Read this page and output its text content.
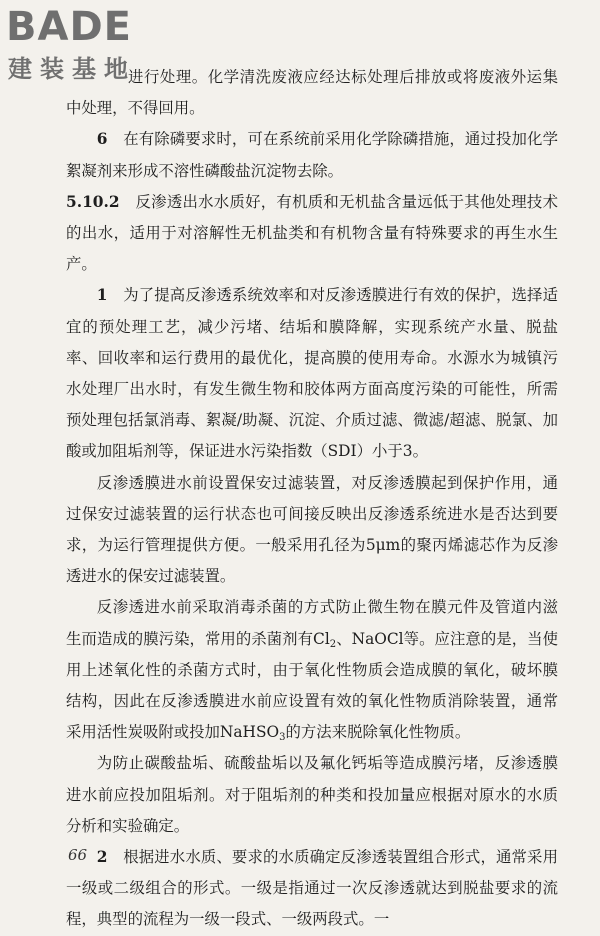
BADE
建装基地

进行处理。化学清洗废液应经达标处理后排放或将废液外运集中处理，不得回用。

6　 在有除磷要求时，可在系统前采用化学除磷措施，通过投加化学絮凝剂来形成不溶性磷酸盐沉淀物去除。

5.10.2　 反渗透出水水质好，有机质和无机盐含量远低于其他处理技术的出水，适用于对溶解性无机盐类和有机物含量有特殊要求的再生水生产。

1　 为了提高反渗透系统效率和对反渗透膜进行有效的保护，选择适宜的预处理工艺，减少污堵、结垢和膜降解，实现系统产水量、脱盐率、回收率和运行费用的最优化，提高膜的使用寿命。水源水为城镇污水处理厂出水时，有发生微生物和胶体两方面高度污染的可能性，所需预处理包括氯消毒、絮凝/助凝、沉淀、介质过滤、微滤/超滤、脱氯、加酸或加阻垢剂等，保证进水污染指数（SDI）小于3。

反渗透膜进水前设置保安过滤装置，对反渗透膜起到保护作用，通过保安过滤装置的运行状态也可间接反映出反渗透系统进水是否达到要求，为运行管理提供方便。一般采用孔径为5μm的聚丙烯滤芯作为反渗透进水的保安过滤装置。

反渗透进水前采取消毒杀菌的方式防止微生物在膜元件及管道内滋生而造成的膜污染，常用的杀菌剂有$Cl_2$、NaOCl等。应注意的是，当使用上述氧化性的杀菌方式时，由于氧化性物质会造成膜的氧化，破坏膜结构，因此在反渗透膜进水前应设置有效的氧化性物质消除装置，通常采用活性炭吸附或投加NaHSO$_3$的方法来脱除氧化性物质。

为防止碳酸盐垢、硫酸盐垢以及氟化钙垢等造成膜污堵，反渗透膜进水前应投加阻垢剂。对于阻垢剂的种类和投加量应根据对原水的水质分析和实验确定。

2　 根据进水水质、要求的水质确定反渗透装置组合形式，通常采用一级或二级组合的形式。一级是指通过一次反渗透就达到脱盐要求的流程，典型的流程为一级一段式、一级两段式。一

66
